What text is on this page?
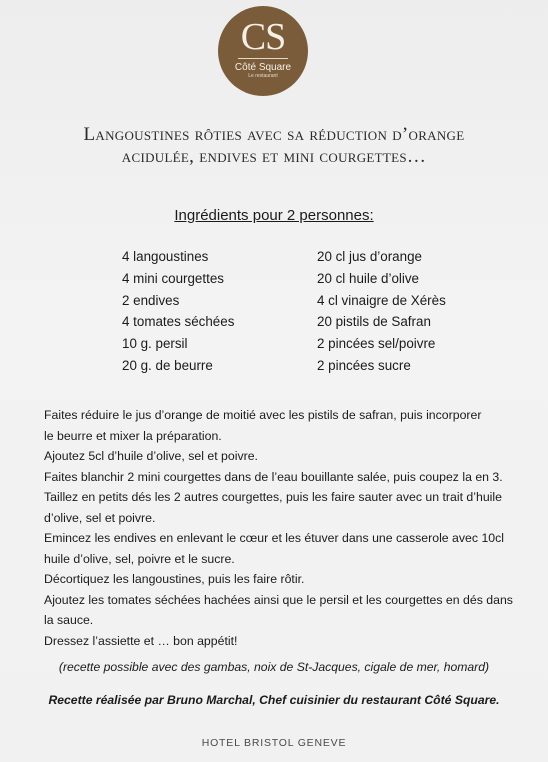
CS
Côté Square
Le restaurant
Langoustines rôties avec sa réduction d’orange
acidulée, endives et mini courgettes…
Ingrédients pour 2 personnes:
4 langoustines
4 mini courgettes
2 endives
4 tomates séchées
10 g. persil
20 g. de beurre
20 cl jus d’orange
20 cl huile d’olive
4 cl vinaigre de Xérès
20 pistils de Safran
2 pincées sel/poivre
2 pincées sucre
Faites réduire le jus d’orange de moitié avec les pistils de safran, puis incorporer
le beurre et mixer la préparation.
Ajoutez 5cl d’huile d’olive, sel et poivre.
Faites blanchir 2 mini courgettes dans de l’eau bouillante salée, puis coupez la en 3.
Taillez en petits dés les 2 autres courgettes, puis les faire sauter avec un trait d’huile
d’olive, sel et poivre.
Emincez les endives en enlevant le cœur et les étuver dans une casserole avec 10cl
huile d’olive, sel, poivre et le sucre.
Décortiquez les langoustines, puis les faire rôtir.
Ajoutez les tomates séchées hachées ainsi que le persil et les courgettes en dés dans
la sauce.
Dressez l’assiette et … bon appétit!
(recette possible avec des gambas, noix de St-Jacques, cigale de mer, homard)
Recette réalisée par Bruno Marchal, Chef cuisinier du restaurant Côté Square.
HOTEL BRISTOL GENEVE
